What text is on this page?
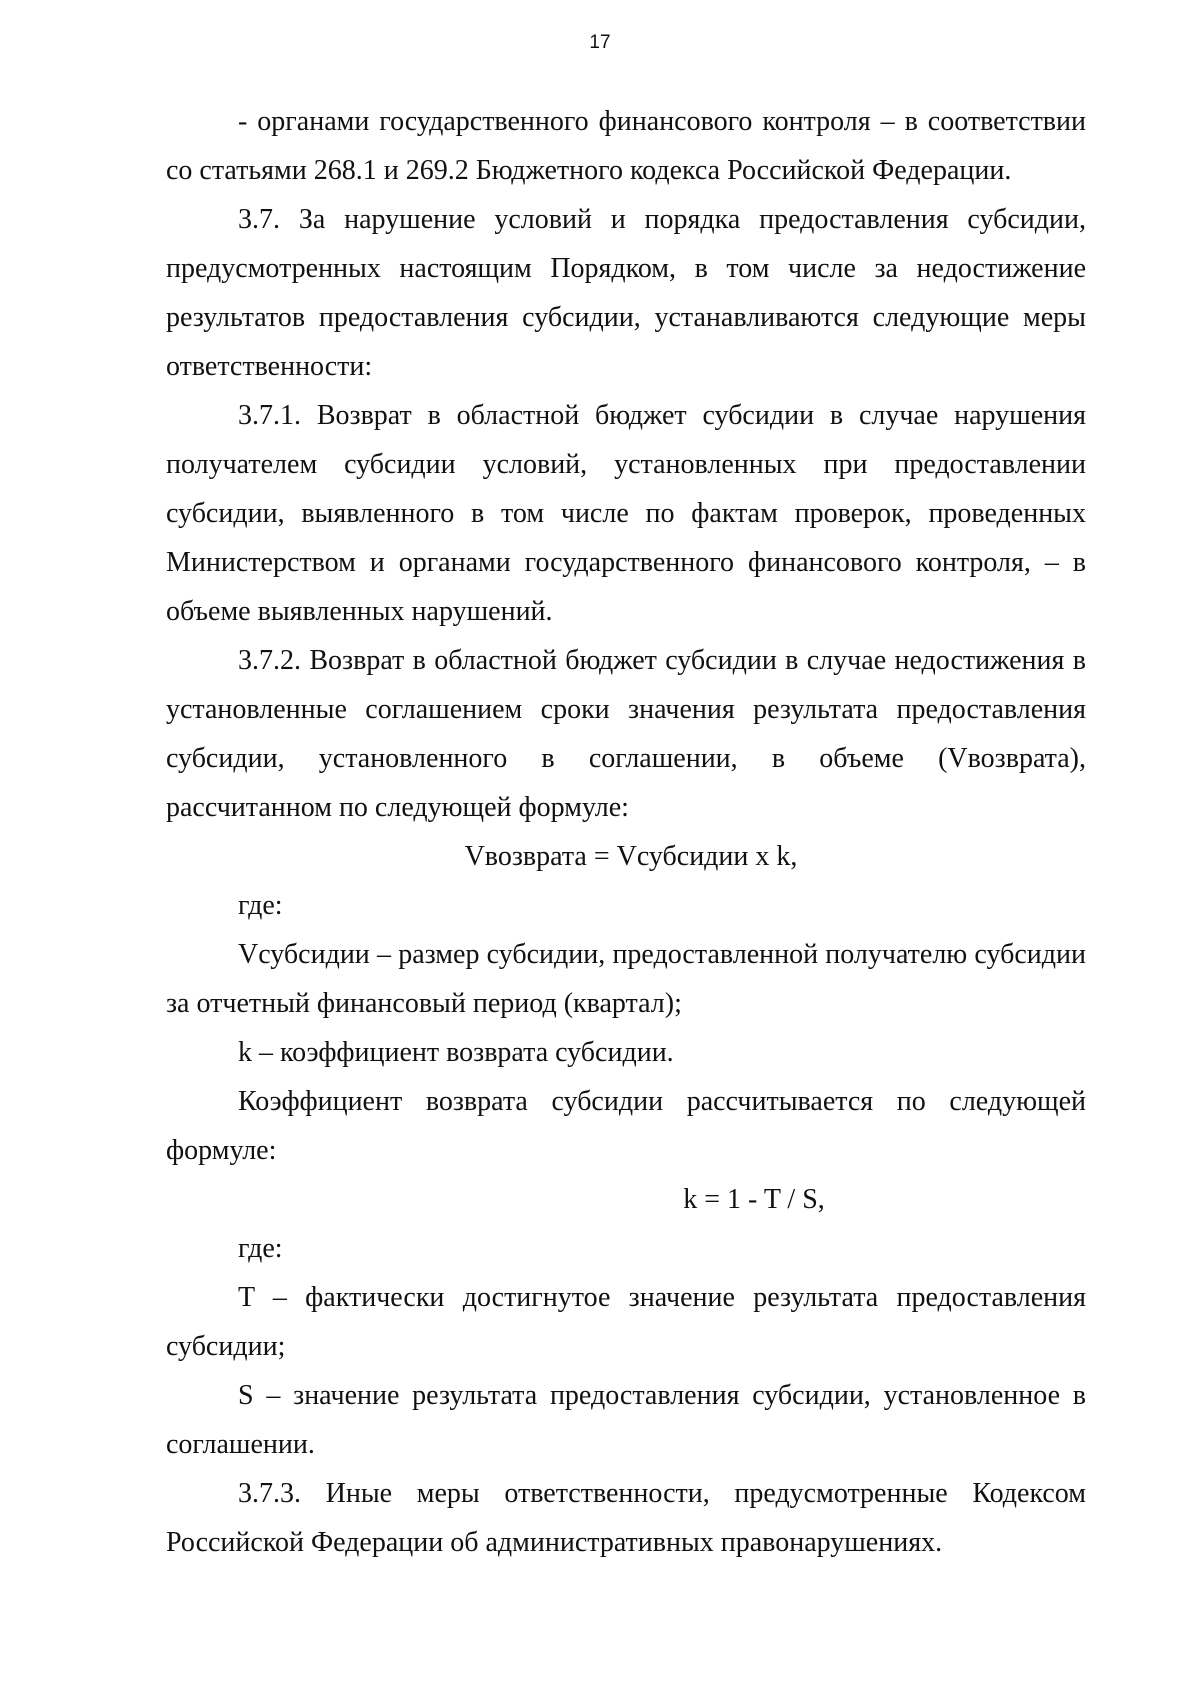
17

- органами государственного финансового контроля – в соответствии со статьями 268.1 и 269.2 Бюджетного кодекса Российской Федерации.

3.7. За нарушение условий и порядка предоставления субсидии, предусмотренных настоящим Порядком, в том числе за недостижение результатов предоставления субсидии, устанавливаются следующие меры ответственности:

3.7.1. Возврат в областной бюджет субсидии в случае нарушения получателем субсидии условий, установленных при предоставлении субсидии, выявленного в том числе по фактам проверок, проведенных Министерством и органами государственного финансового контроля, – в объеме выявленных нарушений.

3.7.2. Возврат в областной бюджет субсидии в случае недостижения в установленные соглашением сроки значения результата предоставления субсидии, установленного в соглашении, в объеме (Vвозврата), рассчитанном по следующей формуле:

Vвозврата = Vсубсидии x k,

где:

Vсубсидии – размер субсидии, предоставленной получателю субсидии за отчетный финансовый период (квартал);

k – коэффициент возврата субсидии.

Коэффициент возврата субсидии рассчитывается по следующей формуле:

k = 1 - T / S,

где:

T – фактически достигнутое значение результата предоставления субсидии;

S – значение результата предоставления субсидии, установленное в соглашении.

3.7.3. Иные меры ответственности, предусмотренные Кодексом Российской Федерации об административных правонарушениях.
